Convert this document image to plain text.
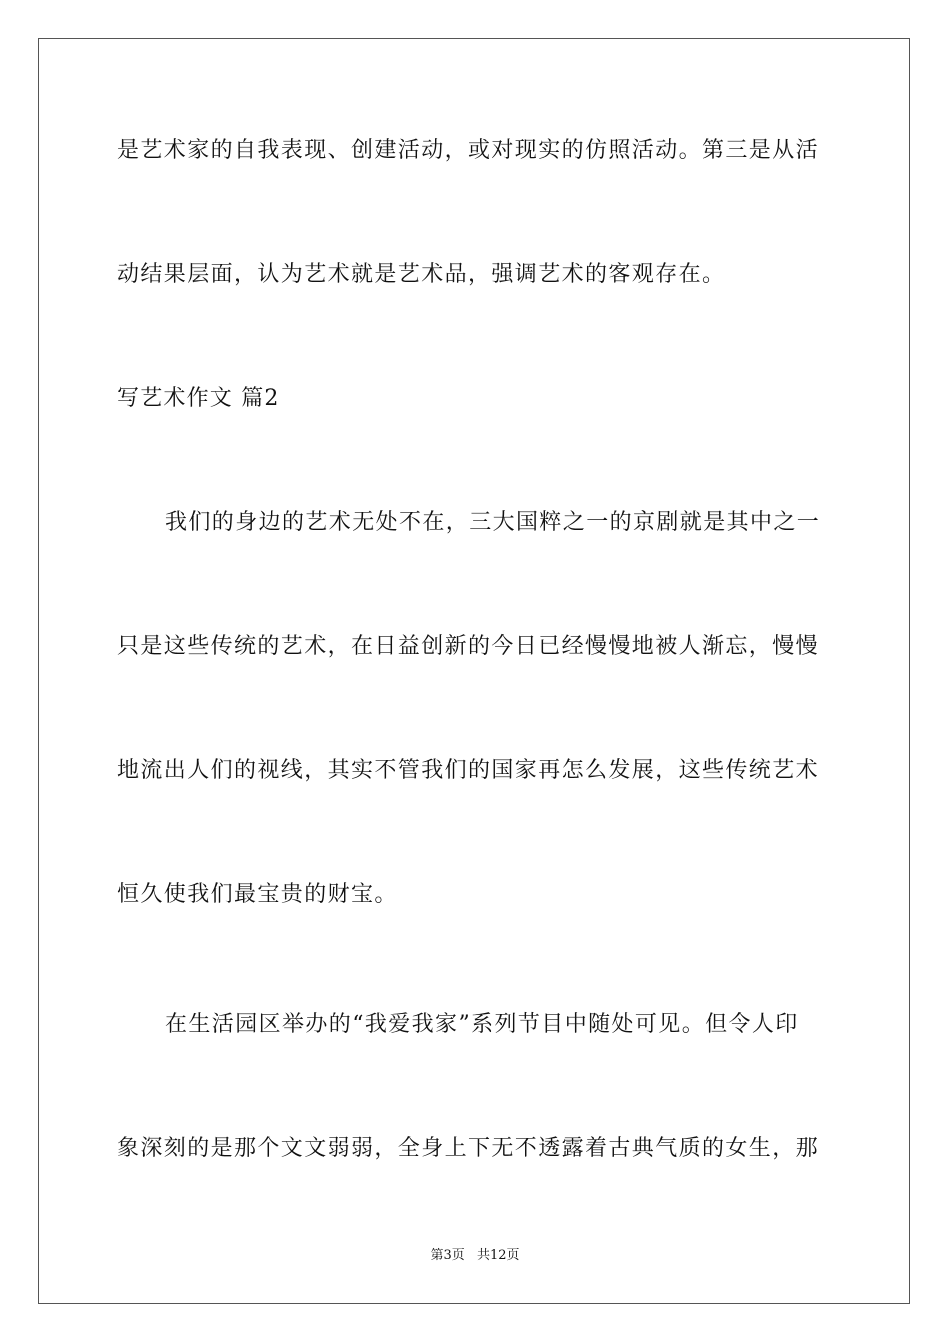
是艺术家的自我表现、创建活动，或对现实的仿照活动。第三是从活
动结果层面，认为艺术就是艺术品，强调艺术的客观存在。
写艺术作文 篇2
我们的身边的艺术无处不在，三大国粹之一的京剧就是其中之一
只是这些传统的艺术，在日益创新的今日已经慢慢地被人渐忘，慢慢
地流出人们的视线，其实不管我们的国家再怎么发展，这些传统艺术
恒久使我们最宝贵的财宝。
在生活园区举办的“我爱我家”系列节目中随处可见。但令人印
象深刻的是那个文文弱弱，全身上下无不透露着古典气质的女生，那
第3页 共12页
